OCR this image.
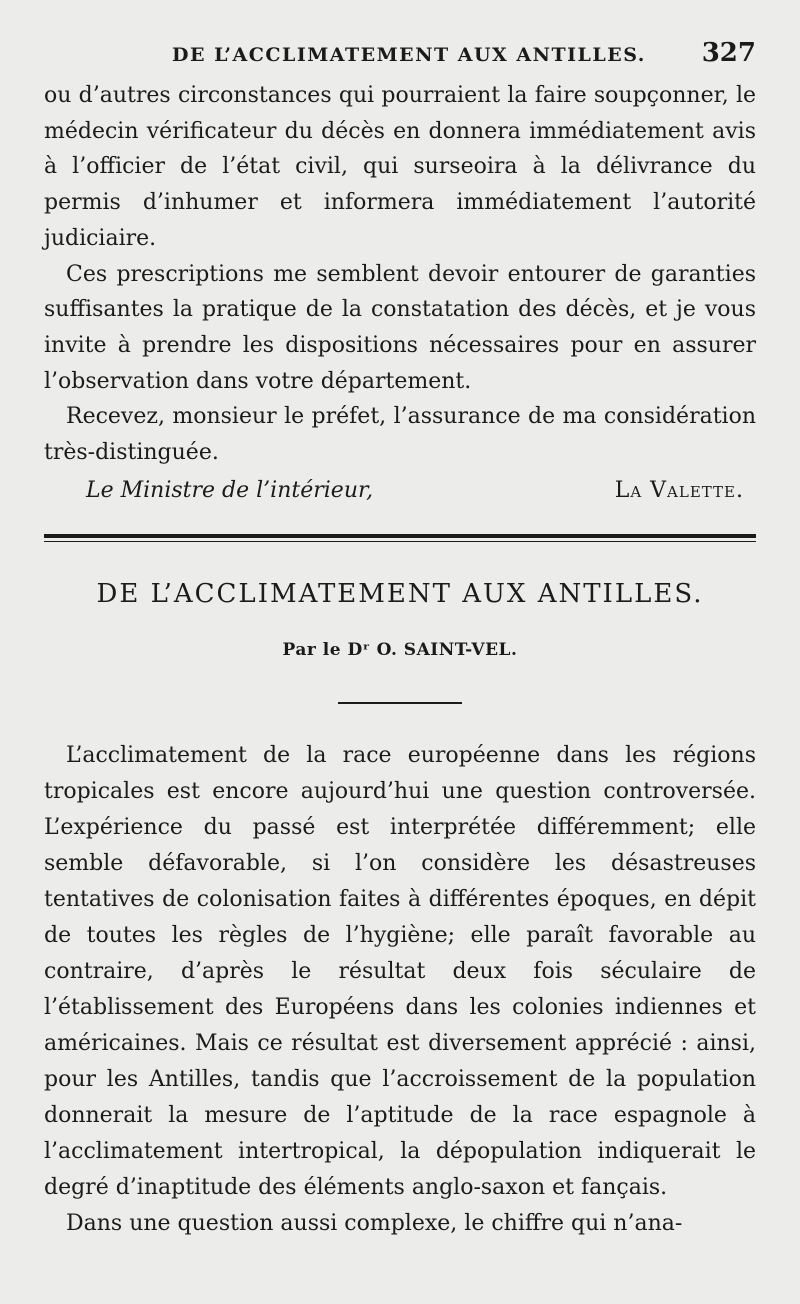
DE L’ACCLIMATEMENT AUX ANTILLES. 327

ou d’autres circonstances qui pourraient la faire soupçonner, le médecin vérificateur du décès en donnera immédiatement avis à l’officier de l’état civil, qui surseoira à la délivrance du permis d’inhumer et informera immédiatement l’autorité judiciaire.

Ces prescriptions me semblent devoir entourer de garanties suffisantes la pratique de la constatation des décès, et je vous invite à prendre les dispositions nécessaires pour en assurer l’observation dans votre département.

Recevez, monsieur le préfet, l’assurance de ma considération très-distinguée.

Le Ministre de l’intérieur,	La Valette.
DE L’ACCLIMATEMENT AUX ANTILLES.
Par le Dʳ O. SAINT-VEL.

L’acclimatement de la race européenne dans les régions tropicales est encore aujourd’hui une question controversée. L’expérience du passé est interprétée différemment; elle semble défavorable, si l’on considère les désastreuses tentatives de colonisation faites à différentes époques, en dépit de toutes les règles de l’hygiène; elle paraît favorable au contraire, d’après le résultat deux fois séculaire de l’établissement des Européens dans les colonies indiennes et américaines. Mais ce résultat est diversement apprécié : ainsi, pour les Antilles, tandis que l’accroissement de la population donnerait la mesure de l’aptitude de la race espagnole à l’acclimatement intertropical, la dépopulation indiquerait le degré d’inaptitude des éléments anglo-saxon et fançais.

Dans une question aussi complexe, le chiffre qui n’ana-
